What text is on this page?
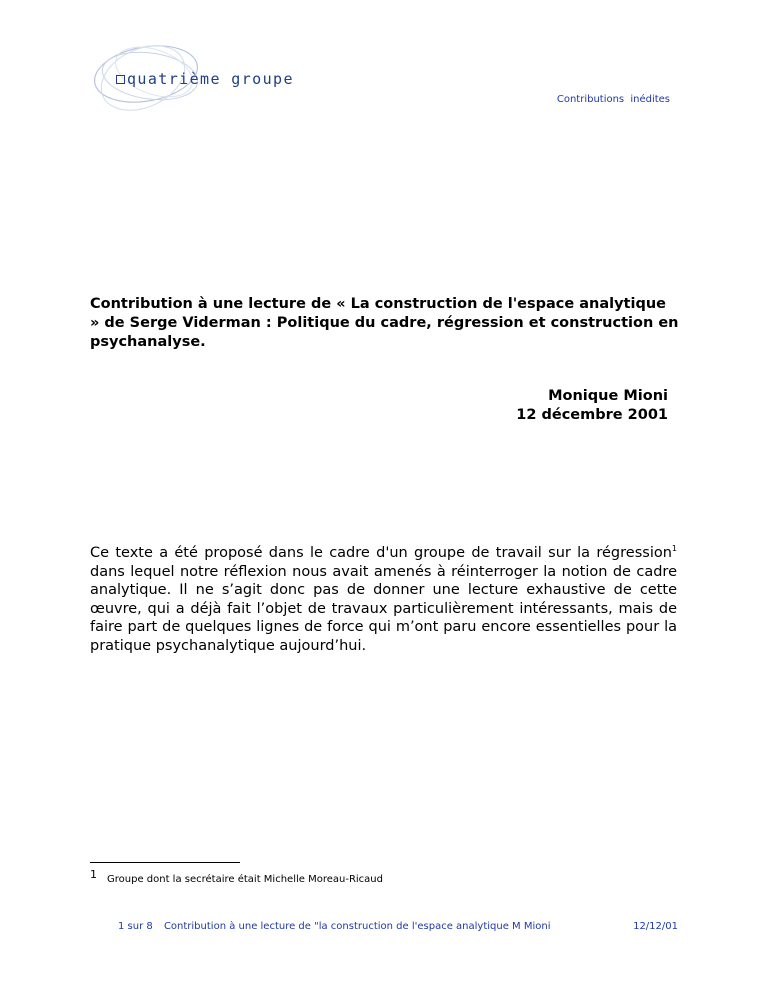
quatrième groupe
Contributions inédites
Contribution à une lecture de « La construction de l'espace analytique » de Serge Viderman : Politique du cadre, régression et construction en psychanalyse.
Monique Mioni
12 décembre 2001
Ce texte a été proposé dans le cadre d'un groupe de travail sur la régression$^1$ dans lequel notre réflexion nous avait amenés à réinterroger la notion de cadre analytique. Il ne s’agit donc pas de donner une lecture exhaustive de cette œuvre, qui a déjà fait l’objet de travaux particulièrement intéressants, mais de faire part de quelques lignes de force qui m’ont paru encore essentielles pour la pratique psychanalytique aujourd’hui.
1 Groupe dont la secrétaire était Michelle Moreau-Ricaud
1 sur 8 Contribution à une lecture de "la construction de l'espace analytique M Mioni	12/12/01
